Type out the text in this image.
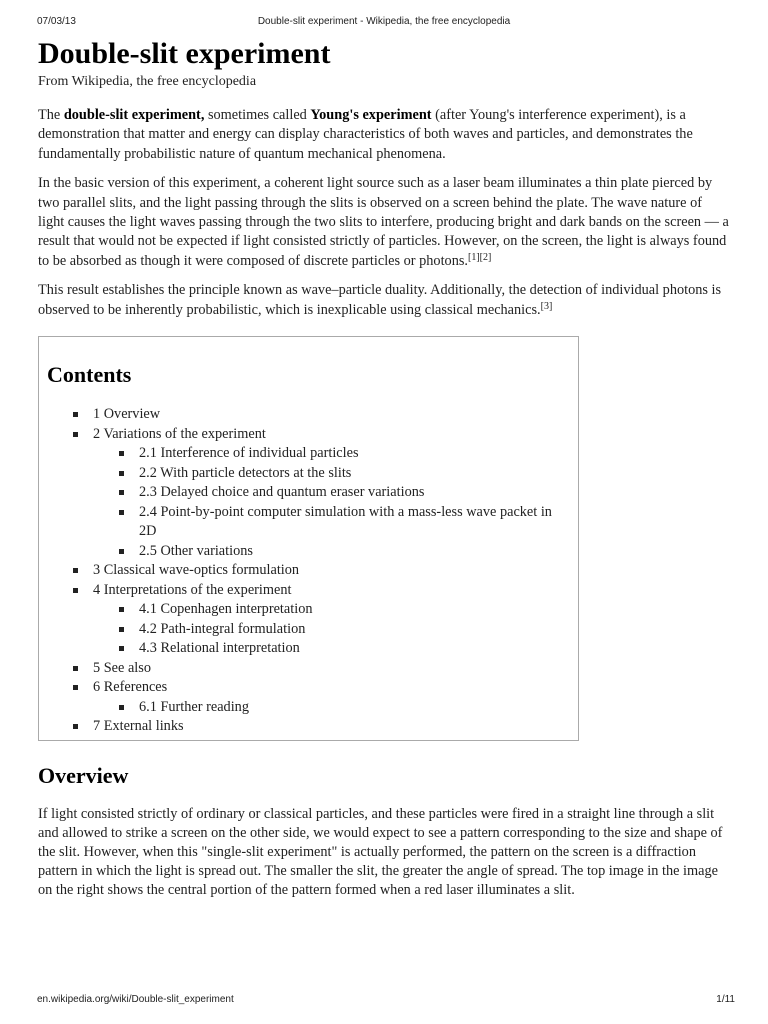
07/03/13	Double-slit experiment - Wikipedia, the free encyclopedia
Double-slit experiment
From Wikipedia, the free encyclopedia

The double-slit experiment, sometimes called Young's experiment (after Young's interference experiment), is a demonstration that matter and energy can display characteristics of both waves and particles, and demonstrates the fundamentally probabilistic nature of quantum mechanical phenomena.

In the basic version of this experiment, a coherent light source such as a laser beam illuminates a thin plate pierced by two parallel slits, and the light passing through the slits is observed on a screen behind the plate. The wave nature of light causes the light waves passing through the two slits to interfere, producing bright and dark bands on the screen — a result that would not be expected if light consisted strictly of particles. However, on the screen, the light is always found to be absorbed as though it were composed of discrete particles or photons.[1][2]

This result establishes the principle known as wave–particle duality. Additionally, the detection of individual photons is observed to be inherently probabilistic, which is inexplicable using classical mechanics.[3]

Contents
1 Overview
2 Variations of the experiment
2.1 Interference of individual particles
2.2 With particle detectors at the slits
2.3 Delayed choice and quantum eraser variations
2.4 Point-by-point computer simulation with a mass-less wave packet in 2D
2.5 Other variations
3 Classical wave-optics formulation
4 Interpretations of the experiment
4.1 Copenhagen interpretation
4.2 Path-integral formulation
4.3 Relational interpretation
5 See also
6 References
6.1 Further reading
7 External links
Overview

If light consisted strictly of ordinary or classical particles, and these particles were fired in a straight line through a slit and allowed to strike a screen on the other side, we would expect to see a pattern corresponding to the size and shape of the slit. However, when this "single-slit experiment" is actually performed, the pattern on the screen is a diffraction pattern in which the light is spread out. The smaller the slit, the greater the angle of spread. The top image in the image on the right shows the central portion of the pattern formed when a red laser illuminates a slit.

en.wikipedia.org/wiki/Double-slit_experiment	1/11
